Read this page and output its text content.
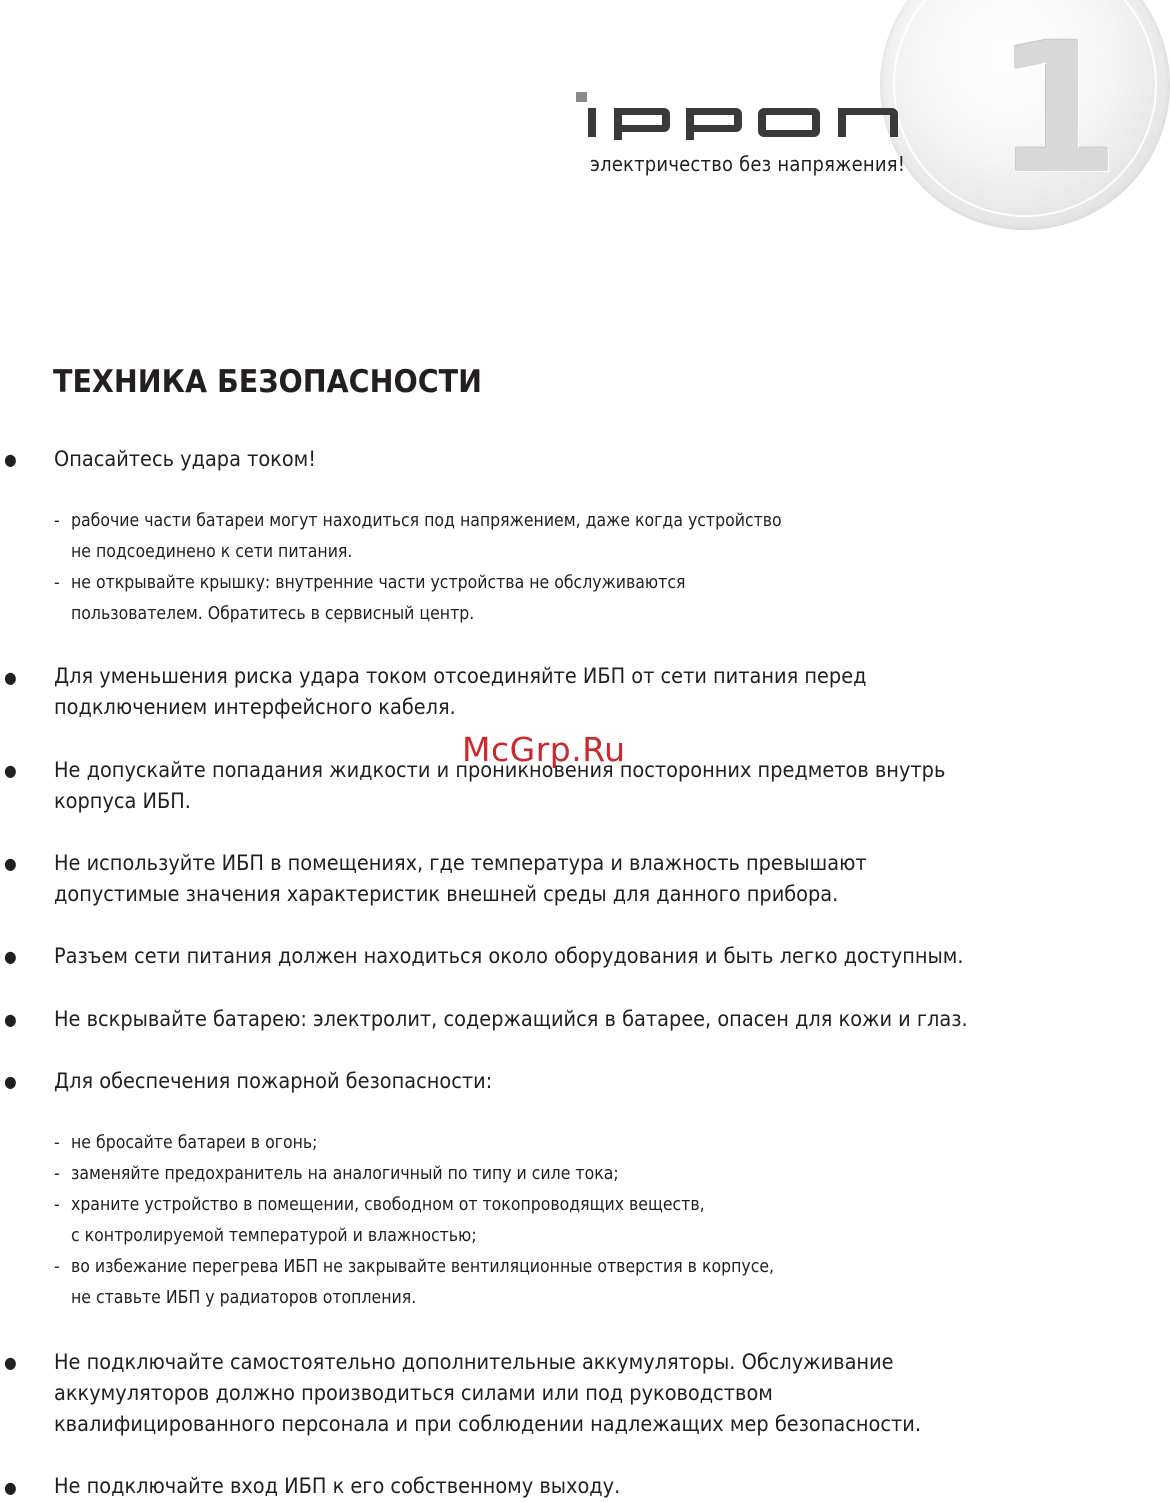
1
электричество без напряжения!
ТЕХНИКА БЕЗОПАСНОСТИ
● Опасайтесь удара током!
- рабочие части батареи могут находиться под напряжением, даже когда устройство
не подсоединено к сети питания.
- не открывайте крышку: внутренние части устройства не обслуживаются
пользователем. Обратитесь в сервисный центр.
● Для уменьшения риска удара током отсоединяйте ИБП от сети питания перед
подключением интерфейсного кабеля.
● Не допускайте попадания жидкости и проникновения посторонних предметов внутрь
корпуса ИБП.
● Не используйте ИБП в помещениях, где температура и влажность превышают
допустимые значения характеристик внешней среды для данного прибора.
● Разъем сети питания должен находиться около оборудования и быть легко доступным.
● Не вскрывайте батарею: электролит, содержащийся в батарее, опасен для кожи и глаз.
● Для обеспечения пожарной безопасности:
- не бросайте батареи в огонь;
- заменяйте предохранитель на аналогичный по типу и силе тока;
- храните устройство в помещении, свободном от токопроводящих веществ,
с контролируемой температурой и влажностью;
- во избежание перегрева ИБП не закрывайте вентиляционные отверстия в корпусе,
не ставьте ИБП у радиаторов отопления.
● Не подключайте самостоятельно дополнительные аккумуляторы. Обслуживание
аккумуляторов должно производиться силами или под руководством
квалифицированного персонала и при соблюдении надлежащих мер безопасности.
● Не подключайте вход ИБП к его собственному выходу.
McGrp.Ru
